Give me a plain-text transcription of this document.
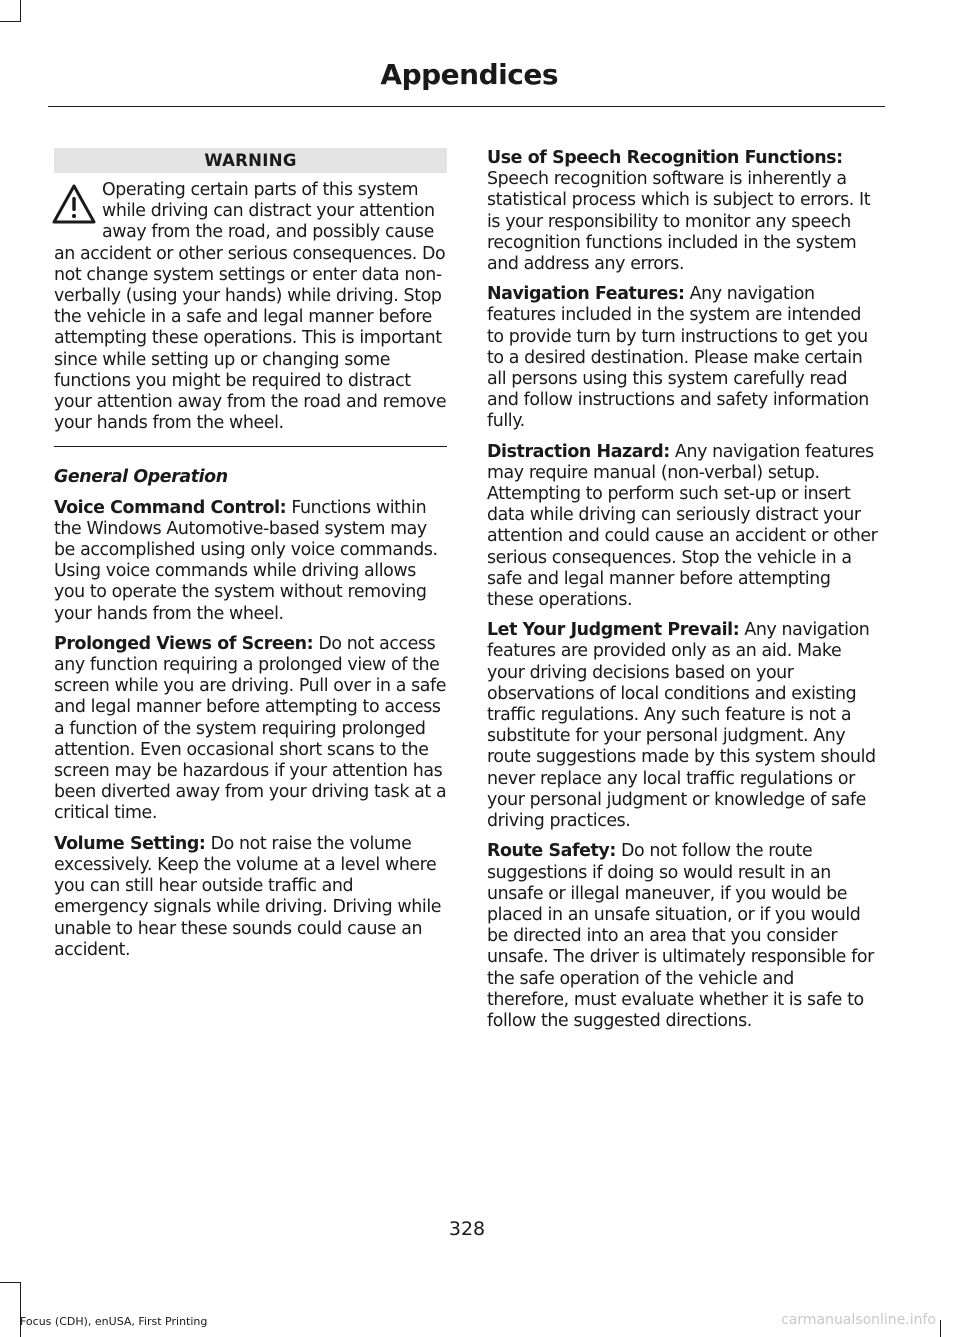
Appendices
WARNING

Operating certain parts of this system while driving can distract your attention away from the road, and possibly cause an accident or other serious consequences. Do not change system settings or enter data non-verbally (using your hands) while driving. Stop the vehicle in a safe and legal manner before attempting these operations. This is important since while setting up or changing some functions you might be required to distract your attention away from the road and remove your hands from the wheel.

General Operation

Voice Command Control: Functions within the Windows Automotive-based system may be accomplished using only voice commands. Using voice commands while driving allows you to operate the system without removing your hands from the wheel.

Prolonged Views of Screen: Do not access any function requiring a prolonged view of the screen while you are driving. Pull over in a safe and legal manner before attempting to access a function of the system requiring prolonged attention. Even occasional short scans to the screen may be hazardous if your attention has been diverted away from your driving task at a critical time.

Volume Setting: Do not raise the volume excessively. Keep the volume at a level where you can still hear outside traffic and emergency signals while driving. Driving while unable to hear these sounds could cause an accident.

Use of Speech Recognition Functions: Speech recognition software is inherently a statistical process which is subject to errors. It is your responsibility to monitor any speech recognition functions included in the system and address any errors.

Navigation Features: Any navigation features included in the system are intended to provide turn by turn instructions to get you to a desired destination. Please make certain all persons using this system carefully read and follow instructions and safety information fully.

Distraction Hazard: Any navigation features may require manual (non-verbal) setup. Attempting to perform such set-up or insert data while driving can seriously distract your attention and could cause an accident or other serious consequences. Stop the vehicle in a safe and legal manner before attempting these operations.

Let Your Judgment Prevail: Any navigation features are provided only as an aid. Make your driving decisions based on your observations of local conditions and existing traffic regulations. Any such feature is not a substitute for your personal judgment. Any route suggestions made by this system should never replace any local traffic regulations or your personal judgment or knowledge of safe driving practices.

Route Safety: Do not follow the route suggestions if doing so would result in an unsafe or illegal maneuver, if you would be placed in an unsafe situation, or if you would be directed into an area that you consider unsafe. The driver is ultimately responsible for the safe operation of the vehicle and therefore, must evaluate whether it is safe to follow the suggested directions.

328

Focus (CDH), enUSA, First Printing	carmanualsonline.info
